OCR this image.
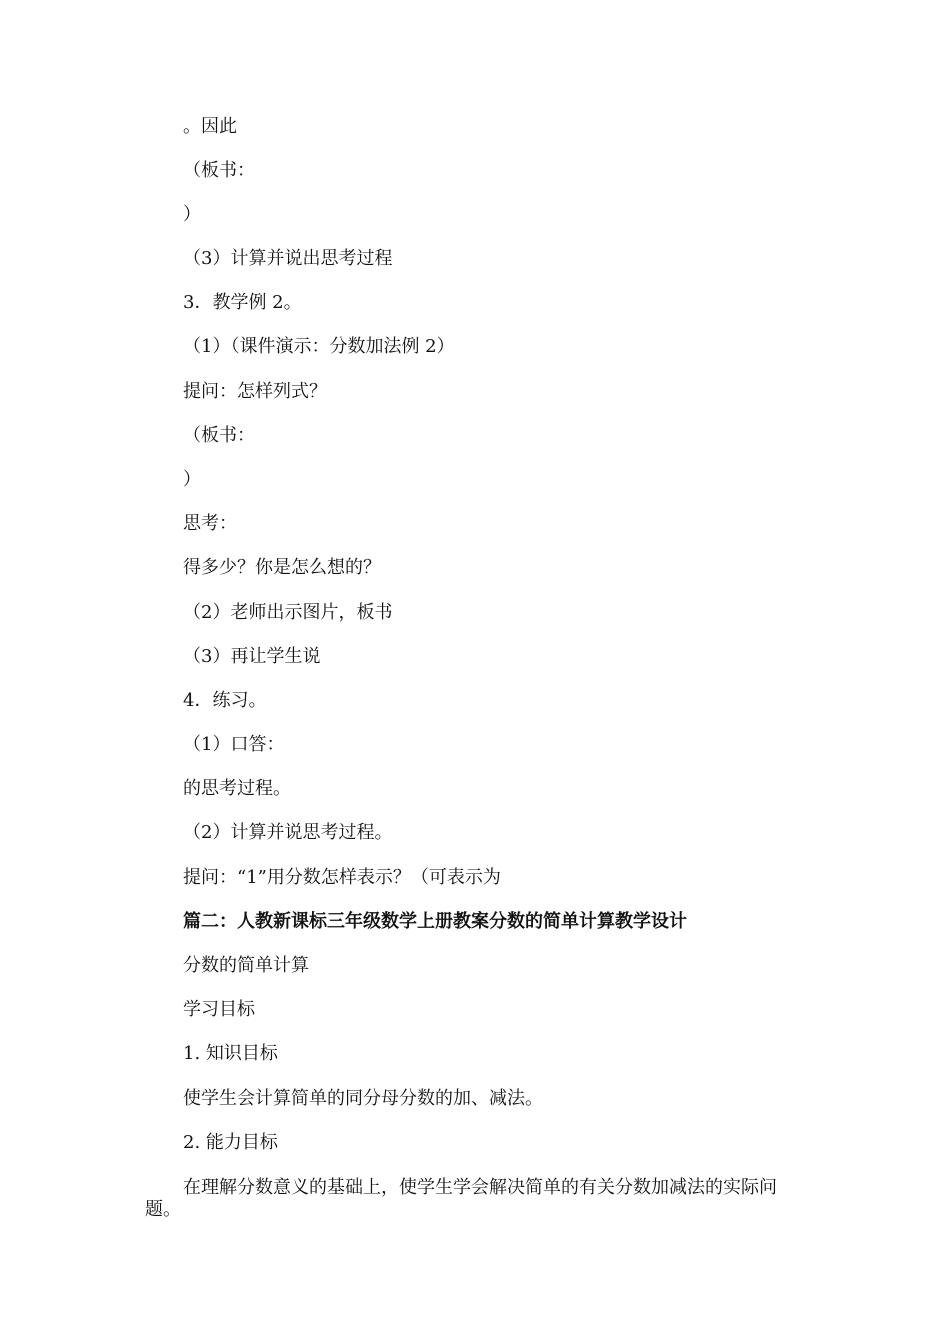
。因此
（板书：
）
（3）计算并说出思考过程
3．教学例 2。
（1）（课件演示：分数加法例 2）
提问：怎样列式？
（板书：
）
思考：
得多少？你是怎么想的？
（2）老师出示图片，板书
（3）再让学生说
4．练习。
（1）口答：
的思考过程。
（2）计算并说思考过程。
提问：“1”用分数怎样表示？（可表示为
篇二：人教新课标三年级数学上册教案分数的简单计算教学设计
分数的简单计算
学习目标
1. 知识目标
使学生会计算简单的同分母分数的加、减法。
2. 能力目标
在理解分数意义的基础上，使学生学会解决简单的有关分数加减法的实际问题。
